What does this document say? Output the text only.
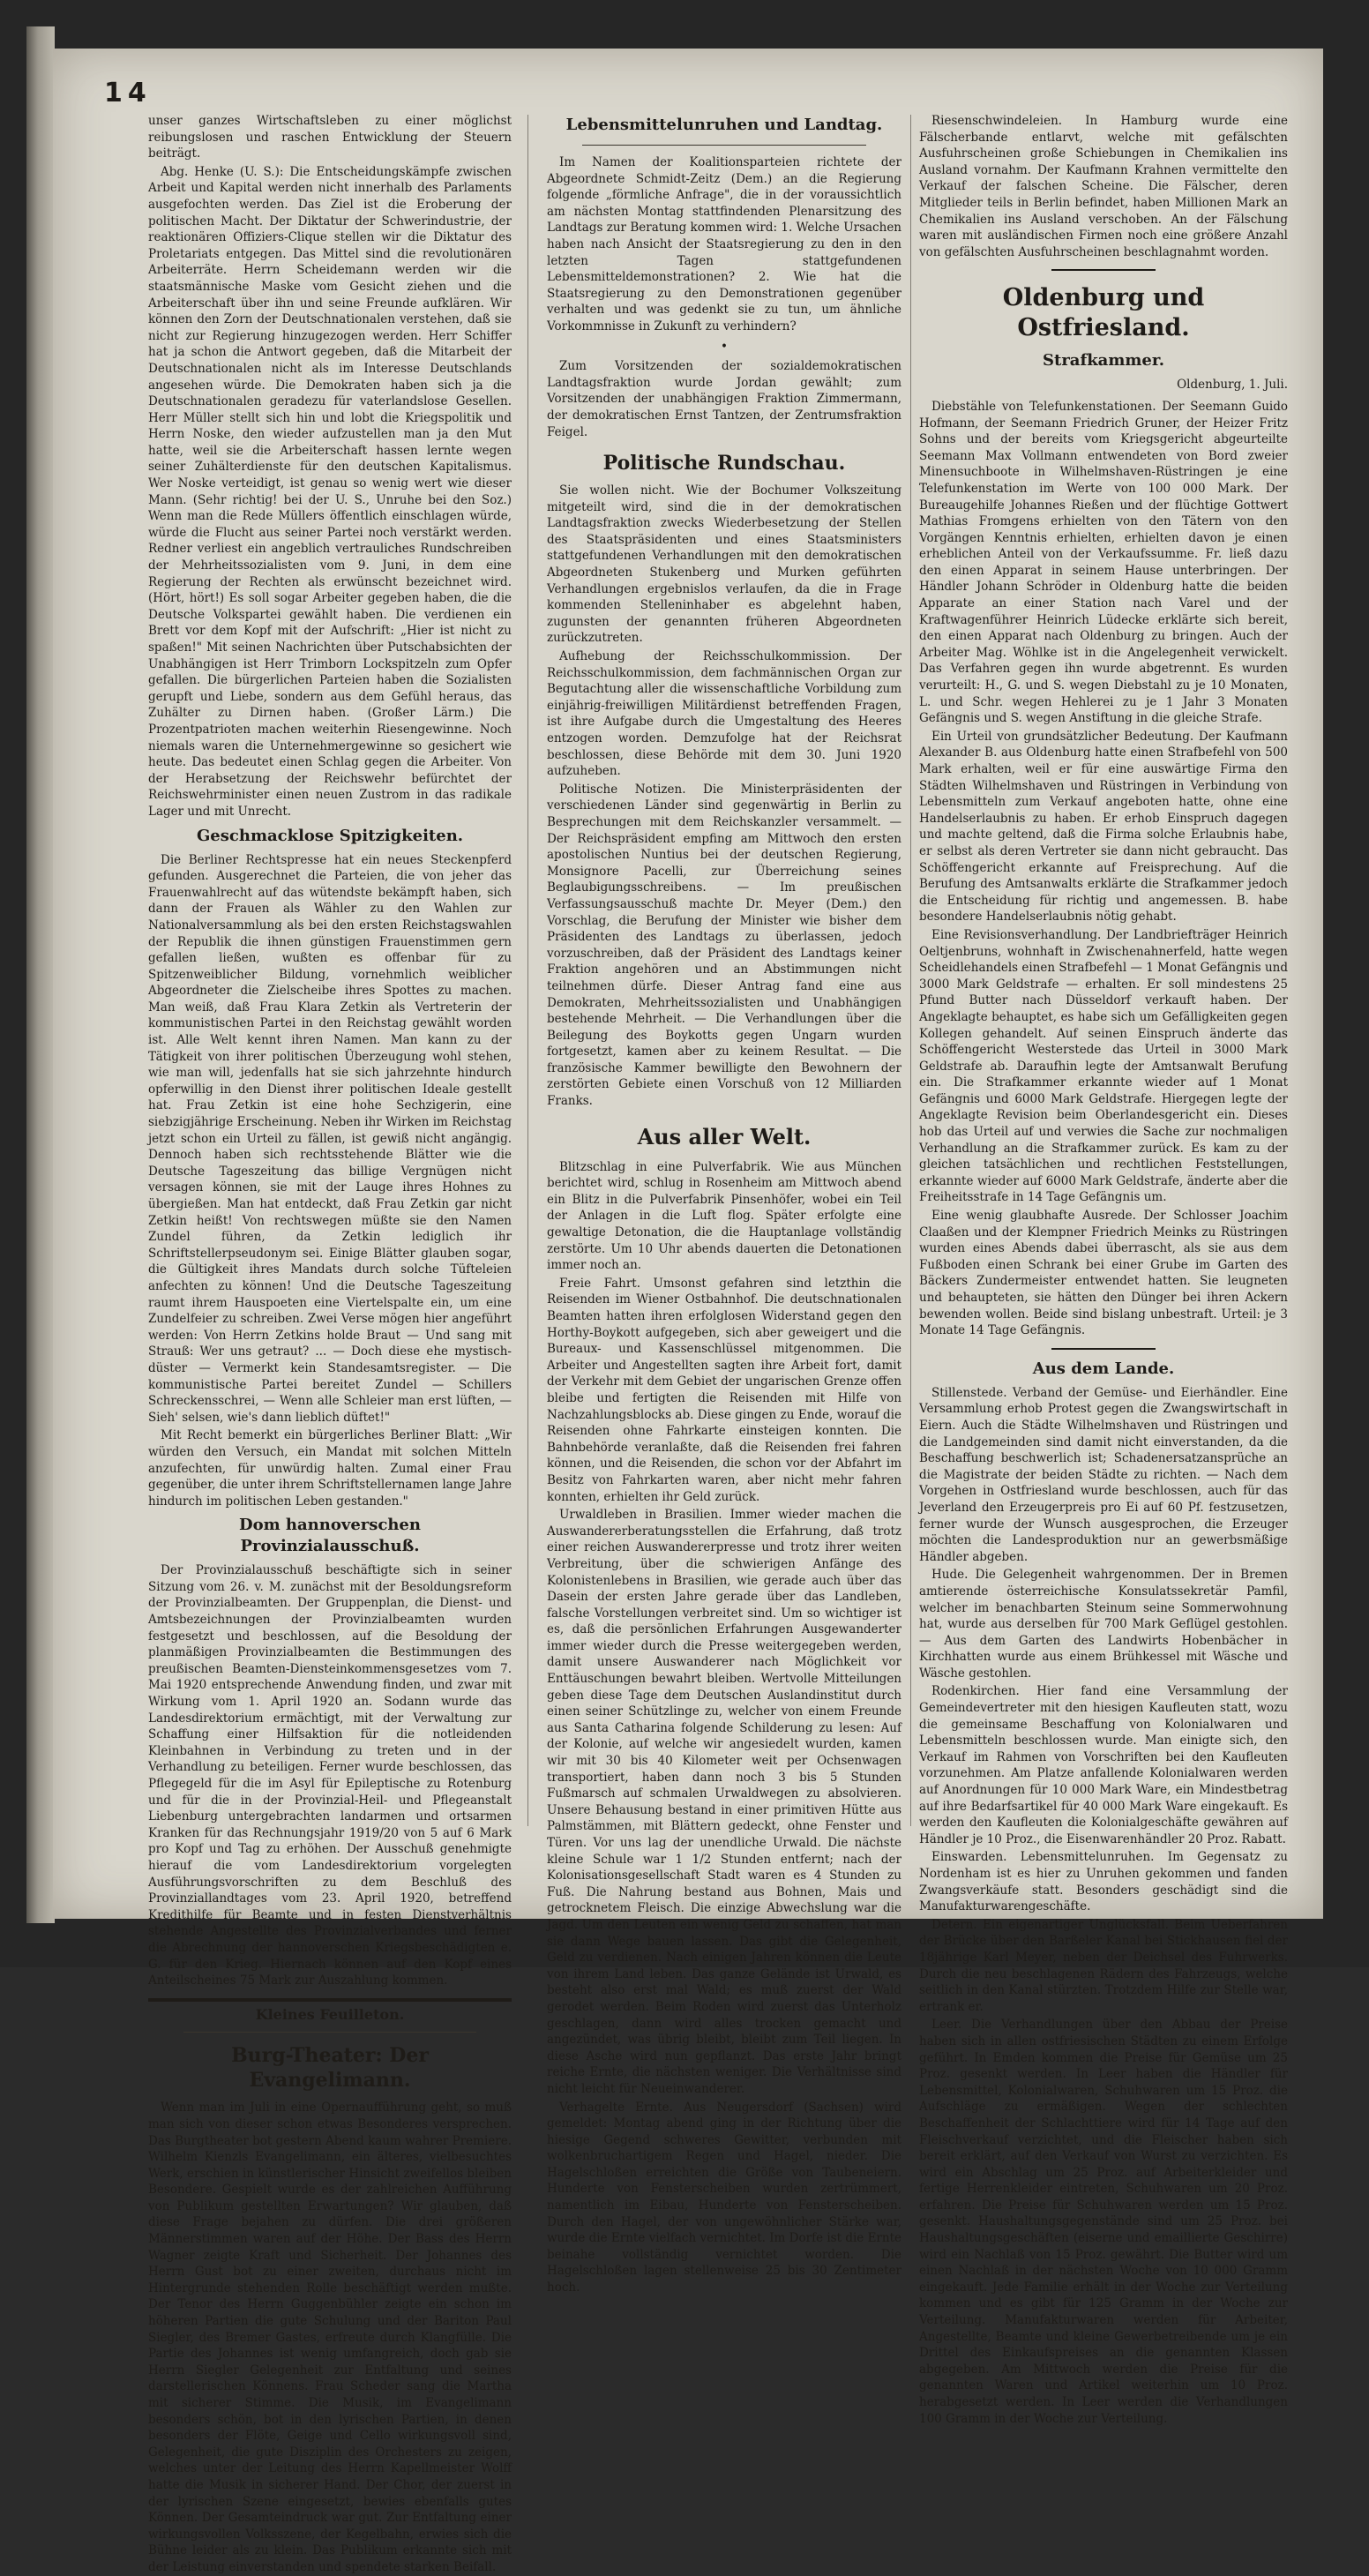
14

unser ganzes Wirtschaftsleben zu einer möglichst reibungslosen und raschen Entwicklung der Steuern beiträgt.

Abg. Henke (U. S.): Die Entscheidungskämpfe zwischen Arbeit und Kapital werden nicht innerhalb des Parlaments ausgefochten werden. Das Ziel ist die Eroberung der politischen Macht. Der Diktatur der Schwerindustrie, der reaktionären Offiziers-Clique stellen wir die Diktatur des Proletariats entgegen. Das Mittel sind die revolutionären Arbeiterräte. Herrn Scheidemann werden wir die staatsmännische Maske vom Gesicht ziehen und die Arbeiterschaft über ihn und seine Freunde aufklären. Wir können den Zorn der Deutschnationalen verstehen, daß sie nicht zur Regierung hinzugezogen werden. Herr Schiffer hat ja schon die Antwort gegeben, daß die Mitarbeit der Deutschnationalen nicht als im Interesse Deutschlands angesehen würde. Die Demokraten haben sich ja die Deutschnationalen geradezu für vaterlandslose Gesellen. Herr Müller stellt sich hin und lobt die Kriegspolitik und Herrn Noske, den wieder aufzustellen man ja den Mut hatte, weil sie die Arbeiterschaft hassen lernte wegen seiner Zuhälterdienste für den deutschen Kapitalismus. Wer Noske verteidigt, ist genau so wenig wert wie dieser Mann. (Sehr richtig! bei der U. S., Unruhe bei den Soz.) Wenn man die Rede Müllers öffentlich einschlagen würde, würde die Flucht aus seiner Partei noch verstärkt werden. Redner verliest ein angeblich vertrauliches Rundschreiben der Mehrheitssozialisten vom 9. Juni, in dem eine Regierung der Rechten als erwünscht bezeichnet wird. (Hört, hört!) Es soll sogar Arbeiter gegeben haben, die die Deutsche Volkspartei gewählt haben. Die verdienen ein Brett vor dem Kopf mit der Aufschrift: „Hier ist nicht zu spaßen!" Mit seinen Nachrichten über Putschabsichten der Unabhängigen ist Herr Trimborn Lockspitzeln zum Opfer gefallen. Die bürgerlichen Parteien haben die Sozialisten gerupft und Liebe, sondern aus dem Gefühl heraus, das Zuhälter zu Dirnen haben. (Großer Lärm.) Die Prozentpatrioten machen weiterhin Riesengewinne. Noch niemals waren die Unternehmergewinne so gesichert wie heute. Das bedeutet einen Schlag gegen die Arbeiter. Von der Herabsetzung der Reichswehr befürchtet der Reichswehrminister einen neuen Zustrom in das radikale Lager und mit Unrecht.

Geschmacklose Spitzigkeiten.

Die Berliner Rechtspresse hat ein neues Steckenpferd gefunden. Ausgerechnet die Parteien, die von jeher das Frauenwahlrecht auf das wütendste bekämpft haben, sich dann der Frauen als Wähler zu den Wahlen zur Nationalversammlung als bei den ersten Reichstagswahlen der Republik die ihnen günstigen Frauenstimmen gern gefallen ließen, wußten es offenbar für zu Spitzenweiblicher Bildung, vornehmlich weiblicher Abgeordneter die Zielscheibe ihres Spottes zu machen. Man weiß, daß Frau Klara Zetkin als Vertreterin der kommunistischen Partei in den Reichstag gewählt worden ist. Alle Welt kennt ihren Namen. Man kann zu der Tätigkeit von ihrer politischen Überzeugung wohl stehen, wie man will, jedenfalls hat sie sich jahrzehnte hindurch opferwillig in den Dienst ihrer politischen Ideale gestellt hat. Frau Zetkin ist eine hohe Sechzigerin, eine siebzigjährige Erscheinung. Neben ihr Wirken im Reichstag jetzt schon ein Urteil zu fällen, ist gewiß nicht angängig. Dennoch haben sich rechtsstehende Blätter wie die Deutsche Tageszeitung das billige Vergnügen nicht versagen können, sie mit der Lauge ihres Hohnes zu übergießen. Man hat entdeckt, daß Frau Zetkin gar nicht Zetkin heißt! Von rechtswegen müßte sie den Namen Zundel führen, da Zetkin lediglich ihr Schriftstellerpseudonym sei. Einige Blätter glauben sogar, die Gültigkeit ihres Mandats durch solche Tüfteleien anfechten zu können! Und die Deutsche Tageszeitung raumt ihrem Hauspoeten eine Viertelspalte ein, um eine Zundelfeier zu schreiben. Zwei Verse mögen hier angeführt werden: Von Herrn Zetkins holde Braut — Und sang mit Strauß: Wer uns getraut? ... — Doch diese ehe mystisch-düster — Vermerkt kein Standesamtsregister. — Die kommunistische Partei bereitet Zundel — Schillers Schreckensschrei, — Wenn alle Schleier man erst lüften, — Sieh' selsen, wie's dann lieblich düftet!"

Mit Recht bemerkt ein bürgerliches Berliner Blatt: „Wir würden den Versuch, ein Mandat mit solchen Mitteln anzufechten, für unwürdig halten. Zumal einer Frau gegenüber, die unter ihrem Schriftstellernamen lange Jahre hindurch im politischen Leben gestanden."

Dom hannoverschen Provinzialausschuß.

Der Provinzialausschuß beschäftigte sich in seiner Sitzung vom 26. v. M. zunächst mit der Besoldungsreform der Provinzialbeamten. Der Gruppenplan, die Dienst- und Amtsbezeichnungen der Provinzialbeamten wurden festgesetzt und beschlossen, auf die Besoldung der planmäßigen Provinzialbeamten die Bestimmungen des preußischen Beamten-Diensteinkommensgesetzes vom 7. Mai 1920 entsprechende Anwendung finden, und zwar mit Wirkung vom 1. April 1920 an. Sodann wurde das Landesdirektorium ermächtigt, mit der Verwaltung zur Schaffung einer Hilfsaktion für die notleidenden Kleinbahnen in Verbindung zu treten und in der Verhandlung zu beteiligen. Ferner wurde beschlossen, das Pflegegeld für die im Asyl für Epileptische zu Rotenburg und für die in der Provinzial-Heil- und Pflegeanstalt Liebenburg untergebrachten landarmen und ortsarmen Kranken für das Rechnungsjahr 1919/20 von 5 auf 6 Mark pro Kopf und Tag zu erhöhen. Der Ausschuß genehmigte hierauf die vom Landesdirektorium vorgelegten Ausführungsvorschriften zu dem Beschluß des Provinziallandtages vom 23. April 1920, betreffend Kredithilfe für Beamte und in festen Dienstverhältnis stehende Angestellte des Provinzialverbandes und ferner die Abrechnung der hannoverschen Kriegsbeschädigten e. G. für den Krieg. Hiernach können auf den Kopf eines Anteilscheines 75 Mark zur Auszahlung kommen.

Kleines Feuilleton.
Burg-Theater: Der Evangelimann.

Wenn man im Juli in eine Opernaufführung geht, so muß man sich von dieser schon etwas Besonderes versprechen. Das Burgtheater bot gestern Abend kaum wahrer Premiere. Wilhelm Kienzls Evangelimann, ein älteres, vielbesuchtes Werk, erschien in künstlerischer Hinsicht zweifellos bleiben Besondere. Gespielt wurde es der zahlreichen Aufführung von Publikum gestellten Erwartungen? Wir glauben, daß diese Frage bejahen zu dürfen. Die drei größeren Männerstimmen waren auf der Höhe. Der Bass des Herrn Wagner zeigte Kraft und Sicherheit. Der Johannes des Herrn Gust bot zu einer zweiten, durchaus nicht im Hintergrunde stehenden Rolle beschäftigt werden mußte. Der Tenor des Herrn Guggenbühler zeigte ein schon im höheren Partien die gute Schulung und der Bariton Paul Siegler, des Bremer Gastes, erfreute durch Klangfülle. Die Partie des Johannes ist wenig umfangreich, doch gab sie Herrn Siegler Gelegenheit zur Entfaltung und seines darstellerischen Könnens. Frau Scheder sang die Martha mit sicherer Stimme. Die Musik, im Evangelimann besonders schön, bot in den lyrischen Partien, in denen besonders der Flöte, Geige und Cello wirkungsvoll sind, Gelegenheit, die gute Disziplin des Orchesters zu zeigen, welches unter der Leitung des Herrn Kapellmeister Wolff hatte die Musik in sicherer Hand. Der Chor, der zuerst in der lyrischen Szene eingesetzt, bewies ebenfalls gutes Können. Der Gesamteindruck war gut. Zur Entfaltung einer wirkungsvollen Volksszene, der Kegelbahn, erwies sich die Bühne leider als zu klein. Das Publikum erkannte sich mit der Leistung einverstanden und spendete starken Beifall.

Lebensmittelunruhen und Landtag.

Im Namen der Koalitionsparteien richtete der Abgeordnete Schmidt-Zeitz (Dem.) an die Regierung folgende „förmliche Anfrage", die in der voraussichtlich am nächsten Montag stattfindenden Plenarsitzung des Landtags zur Beratung kommen wird: 1. Welche Ursachen haben nach Ansicht der Staatsregierung zu den in den letzten Tagen stattgefundenen Lebensmitteldemonstrationen? 2. Wie hat die Staatsregierung zu den Demonstrationen gegenüber verhalten und was gedenkt sie zu tun, um ähnliche Vorkommnisse in Zukunft zu verhindern?

•

Zum Vorsitzenden der sozialdemokratischen Landtagsfraktion wurde Jordan gewählt; zum Vorsitzenden der unabhängigen Fraktion Zimmermann, der demokratischen Ernst Tantzen, der Zentrumsfraktion Feigel.

Politische Rundschau.

Sie wollen nicht. Wie der Bochumer Volkszeitung mitgeteilt wird, sind die in der demokratischen Landtagsfraktion zwecks Wiederbesetzung der Stellen des Staatspräsidenten und eines Staatsministers stattgefundenen Verhandlungen mit den demokratischen Abgeordneten Stukenberg und Murken geführten Verhandlungen ergebnislos verlaufen, da die in Frage kommenden Stelleninhaber es abgelehnt haben, zugunsten der genannten früheren Abgeordneten zurückzutreten.

Aufhebung der Reichsschulkommission. Der Reichsschulkommission, dem fachmännischen Organ zur Begutachtung aller die wissenschaftliche Vorbildung zum einjährig-freiwilligen Militärdienst betreffenden Fragen, ist ihre Aufgabe durch die Umgestaltung des Heeres entzogen worden. Demzufolge hat der Reichsrat beschlossen, diese Behörde mit dem 30. Juni 1920 aufzuheben.

Politische Notizen. Die Ministerpräsidenten der verschiedenen Länder sind gegenwärtig in Berlin zu Besprechungen mit dem Reichskanzler versammelt. — Der Reichspräsident empfing am Mittwoch den ersten apostolischen Nuntius bei der deutschen Regierung, Monsignore Pacelli, zur Überreichung seines Beglaubigungsschreibens. — Im preußischen Verfassungsausschuß machte Dr. Meyer (Dem.) den Vorschlag, die Berufung der Minister wie bisher dem Präsidenten des Landtags zu überlassen, jedoch vorzuschreiben, daß der Präsident des Landtags keiner Fraktion angehören und an Abstimmungen nicht teilnehmen dürfe. Dieser Antrag fand eine aus Demokraten, Mehrheitssozialisten und Unabhängigen bestehende Mehrheit. — Die Verhandlungen über die Beilegung des Boykotts gegen Ungarn wurden fortgesetzt, kamen aber zu keinem Resultat. — Die französische Kammer bewilligte den Bewohnern der zerstörten Gebiete einen Vorschuß von 12 Milliarden Franks.

Aus aller Welt.

Blitzschlag in eine Pulverfabrik. Wie aus München berichtet wird, schlug in Rosenheim am Mittwoch abend ein Blitz in die Pulverfabrik Pinsenhöfer, wobei ein Teil der Anlagen in die Luft flog. Später erfolgte eine gewaltige Detonation, die die Hauptanlage vollständig zerstörte. Um 10 Uhr abends dauerten die Detonationen immer noch an.

Freie Fahrt. Umsonst gefahren sind letzthin die Reisenden im Wiener Ostbahnhof. Die deutschnationalen Beamten hatten ihren erfolglosen Widerstand gegen den Horthy-Boykott aufgegeben, sich aber geweigert und die Bureaux- und Kassenschlüssel mitgenommen. Die Arbeiter und Angestellten sagten ihre Arbeit fort, damit der Verkehr mit dem Gebiet der ungarischen Grenze offen bleibe und fertigten die Reisenden mit Hilfe von Nachzahlungsblocks ab. Diese gingen zu Ende, worauf die Reisenden ohne Fahrkarte einsteigen konnten. Die Bahnbehörde veranlaßte, daß die Reisenden frei fahren können, und die Reisenden, die schon vor der Abfahrt im Besitz von Fahrkarten waren, aber nicht mehr fahren konnten, erhielten ihr Geld zurück.

Urwaldleben in Brasilien. Immer wieder machen die Auswandererberatungsstellen die Erfahrung, daß trotz einer reichen Auswandererpresse und trotz ihrer weiten Verbreitung, über die schwierigen Anfänge des Kolonistenlebens in Brasilien, wie gerade auch über das Dasein der ersten Jahre gerade über das Landleben, falsche Vorstellungen verbreitet sind. Um so wichtiger ist es, daß die persönlichen Erfahrungen Ausgewanderter immer wieder durch die Presse weitergegeben werden, damit unsere Auswanderer nach Möglichkeit vor Enttäuschungen bewahrt bleiben. Wertvolle Mitteilungen geben diese Tage dem Deutschen Auslandinstitut durch einen seiner Schützlinge zu, welcher von einem Freunde aus Santa Catharina folgende Schilderung zu lesen: Auf der Kolonie, auf welche wir angesiedelt wurden, kamen wir mit 30 bis 40 Kilometer weit per Ochsenwagen transportiert, haben dann noch 3 bis 5 Stunden Fußmarsch auf schmalen Urwaldwegen zu absolvieren. Unsere Behausung bestand in einer primitiven Hütte aus Palmstämmen, mit Blättern gedeckt, ohne Fenster und Türen. Vor uns lag der unendliche Urwald. Die nächste kleine Schule war 1 1/2 Stunden entfernt; nach der Kolonisationsgesellschaft Stadt waren es 4 Stunden zu Fuß. Die Nahrung bestand aus Bohnen, Mais und getrocknetem Fleisch. Die einzige Abwechslung war die Jagd. Um den Leuten ein wenig Geld zu schaffen, hat man sie dann Wege bauen lassen. Das gibt die Gelegenheit, Geld zu verdienen. Nach einigen Jahren können die Leute von ihrem Land leben. Das ganze Gelände ist Urwald, es besteht also erst mal Wald; es muß zuerst der Wald gerodet werden. Beim Roden wird zuerst das Unterholz geschlagen, dann wird alles trocken gemacht und angezündet, was übrig bleibt, bleibt zum Teil liegen. In diese Asche wird nun gepflanzt. Das erste Jahr bringt reiche Ernte, die nächsten weniger. Die Verhältnisse sind nicht leicht für Neueinwanderer.

Verhagelte Ernte. Aus Neugersdorf (Sachsen) wird gemeldet: Montag abend ging in der Richtung über die hiesige Gegend schweres Gewitter, verbunden mit wolkenbruchartigem Regen und Hagel, nieder. Die Hagelschloßen erreichten die Größe von Taubeneiern. Hunderte von Fensterscheiben wurden zertrümmert, namentlich im Eibau, Hunderte von Fensterscheiben. Durch den Hagel, der von ungewöhnlicher Stärke war, wurde die Ernte vielfach vernichtet. Im Dorfe ist die Ernte beinahe vollständig vernichtet worden. Die Hagelschloßen lagen stellenweise 25 bis 30 Zentimeter hoch.

Riesenschwindeleien. In Hamburg wurde eine Fälscherbande entlarvt, welche mit gefälschten Ausfuhrscheinen große Schiebungen in Chemikalien ins Ausland vornahm. Der Kaufmann Krahnen vermittelte den Verkauf der falschen Scheine. Die Fälscher, deren Mitglieder teils in Berlin befindet, haben Millionen Mark an Chemikalien ins Ausland verschoben. An der Fälschung waren mit ausländischen Firmen noch eine größere Anzahl von gefälschten Ausfuhrscheinen beschlagnahmt worden.

Oldenburg und Ostfriesland.
Strafkammer.
Oldenburg, 1. Juli.

Diebstähle von Telefunkenstationen. Der Seemann Guido Hofmann, der Seemann Friedrich Gruner, der Heizer Fritz Sohns und der bereits vom Kriegsgericht abgeurteilte Seemann Max Vollmann entwendeten von Bord zweier Minensuchboote in Wilhelmshaven-Rüstringen je eine Telefunkenstation im Werte von 100 000 Mark. Der Bureaugehilfe Johannes Rießen und der flüchtige Gottwert Mathias Fromgens erhielten von den Tätern von den Vorgängen Kenntnis erhielten, erhielten davon je einen erheblichen Anteil von der Verkaufssumme. Fr. ließ dazu den einen Apparat in seinem Hause unterbringen. Der Händler Johann Schröder in Oldenburg hatte die beiden Apparate an einer Station nach Varel und der Kraftwagenführer Heinrich Lüdecke erklärte sich bereit, den einen Apparat nach Oldenburg zu bringen. Auch der Arbeiter Mag. Wöhlke ist in die Angelegenheit verwickelt. Das Verfahren gegen ihn wurde abgetrennt. Es wurden verurteilt: H., G. und S. wegen Diebstahl zu je 10 Monaten, L. und Schr. wegen Hehlerei zu je 1 Jahr 3 Monaten Gefängnis und S. wegen Anstiftung in die gleiche Strafe.

Ein Urteil von grundsätzlicher Bedeutung. Der Kaufmann Alexander B. aus Oldenburg hatte einen Strafbefehl von 500 Mark erhalten, weil er für eine auswärtige Firma den Städten Wilhelmshaven und Rüstringen in Verbindung von Lebensmitteln zum Verkauf angeboten hatte, ohne eine Handelserlaubnis zu haben. Er erhob Einspruch dagegen und machte geltend, daß die Firma solche Erlaubnis habe, er selbst als deren Vertreter sie dann nicht gebraucht. Das Schöffengericht erkannte auf Freisprechung. Auf die Berufung des Amtsanwalts erklärte die Strafkammer jedoch die Entscheidung für richtig und angemessen. B. habe besondere Handelserlaubnis nötig gehabt.

Eine Revisionsverhandlung. Der Landbriefträger Heinrich Oeltjenbruns, wohnhaft in Zwischenahnerfeld, hatte wegen Scheidlehandels einen Strafbefehl — 1 Monat Gefängnis und 3000 Mark Geldstrafe — erhalten. Er soll mindestens 25 Pfund Butter nach Düsseldorf verkauft haben. Der Angeklagte behauptet, es habe sich um Gefälligkeiten gegen Kollegen gehandelt. Auf seinen Einspruch änderte das Schöffengericht Westerstede das Urteil in 3000 Mark Geldstrafe ab. Daraufhin legte der Amtsanwalt Berufung ein. Die Strafkammer erkannte wieder auf 1 Monat Gefängnis und 6000 Mark Geldstrafe. Hiergegen legte der Angeklagte Revision beim Oberlandesgericht ein. Dieses hob das Urteil auf und verwies die Sache zur nochmaligen Verhandlung an die Strafkammer zurück. Es kam zu der gleichen tatsächlichen und rechtlichen Feststellungen, erkannte wieder auf 6000 Mark Geldstrafe, änderte aber die Freiheitsstrafe in 14 Tage Gefängnis um.

Eine wenig glaubhafte Ausrede. Der Schlosser Joachim Claaßen und der Klempner Friedrich Meinks zu Rüstringen wurden eines Abends dabei überrascht, als sie aus dem Fußboden einen Schrank bei einer Grube im Garten des Bäckers Zundermeister entwendet hatten. Sie leugneten und behaupteten, sie hätten den Dünger bei ihren Ackern bewenden wollen. Beide sind bislang unbestraft. Urteil: je 3 Monate 14 Tage Gefängnis.

Aus dem Lande.

Stillenstede. Verband der Gemüse- und Eierhändler. Eine Versammlung erhob Protest gegen die Zwangswirtschaft in Eiern. Auch die Städte Wilhelmshaven und Rüstringen und die Landgemeinden sind damit nicht einverstanden, da die Beschaffung beschwerlich ist; Schadenersatzansprüche an die Magistrate der beiden Städte zu richten. — Nach dem Vorgehen in Ostfriesland wurde beschlossen, auch für das Jeverland den Erzeugerpreis pro Ei auf 60 Pf. festzusetzen, ferner wurde der Wunsch ausgesprochen, die Erzeuger möchten die Landesproduktion nur an gewerbsmäßige Händler abgeben.

Hude. Die Gelegenheit wahrgenommen. Der in Bremen amtierende österreichische Konsulatssekretär Pamfil, welcher im benachbarten Steinum seine Sommerwohnung hat, wurde aus derselben für 700 Mark Geflügel gestohlen. — Aus dem Garten des Landwirts Hobenbächer in Kirchhatten wurde aus einem Brühkessel mit Wäsche und Wäsche gestohlen.

Rodenkirchen. Hier fand eine Versammlung der Gemeindevertreter mit den hiesigen Kaufleuten statt, wozu die gemeinsame Beschaffung von Kolonialwaren und Lebensmitteln beschlossen wurde. Man einigte sich, den Verkauf im Rahmen von Vorschriften bei den Kaufleuten vorzunehmen. Am Platze anfallende Kolonialwaren werden auf Anordnungen für 10 000 Mark Ware, ein Mindestbetrag auf ihre Bedarfsartikel für 40 000 Mark Ware eingekauft. Es werden den Kaufleuten die Kolonialgeschäfte gewähren auf Händler je 10 Proz., die Eisenwarenhändler 20 Proz. Rabatt.

Einswarden. Lebensmittelunruhen. Im Gegensatz zu Nordenham ist es hier zu Unruhen gekommen und fanden Zwangsverkäufe statt. Besonders geschädigt sind die Manufakturwarengeschäfte.

Detern. Ein eigenartiger Unglücksfall. Beim Ueberfahren der Brücke über den Barßeler Kanal bei Stickhausen fiel der 18jährige Karl Meyer, neben der Deichsel des Fuhrwerks. Durch die neu beschlagenen Rädern des Fahrzeugs, welche seitlich in den Kanal stürzten. Trotzdem Hilfe zur Stelle war, ertrank er.

Leer. Die Verhandlungen über den Abbau der Preise haben sich in allen ostfriesischen Städten zu einem Erfolge geführt. In Emden kommen die Preise für Gemüse um 25 Proz. gesenkt werden. In Leer haben die Händler für Lebensmittel, Kolonialwaren, Schuhwaren um 15 Proz. die Aufschläge zu ermäßigen. Wegen der schlechten Beschaffenheit der Schlachttiere wird für 14 Tage auf den Fleischverkauf verzichtet, und die Fleischer haben sich bereit erklärt, auf den Verkauf von Wurst zu verzichten. Es wird ein Abschlag um 25 Proz. auf Arbeiterkleider und fertige Herrenkleider eintreten, Schuhwaren um 20 Proz. erfahren. Die Preise für Schuhwaren werden um 15 Proz. gesenkt. Haushaltungsgegenstände sind um 25 Proz. bei Haushaltungsgeschäften (eiserne und emaillierte Geschirre) wird ein Nachlaß von 15 Proz. gewährt. Die Butter wird um einen Nachlaß in der nächsten Woche von 10 000 Gramm eingekauft. Jede Familie erhält in der Woche zur Verteilung kommen und es gibt für 125 Gramm in der Woche zur Verteilung. Manufakturwaren werden für Arbeiter, Angestellte, Beamte und kleine Gewerbetreibende um je ein Drittel des Einkaufspreises an die genannten Klassen abgegeben. Am Mittwoch werden die Preise für die genannten Waren und Artikel weiterhin um 10 Proz. herabgesetzt werden. In Leer werden die Verhandlungen 100 Gramm in der Woche zur Verteilung.
